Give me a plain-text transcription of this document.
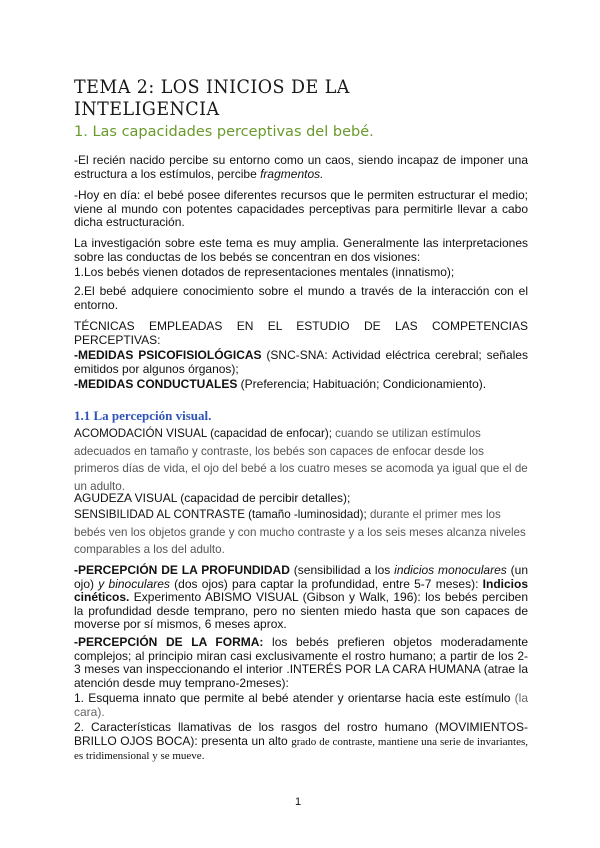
TEMA 2: LOS INICIOS DE LA INTELIGENCIA
1. Las capacidades perceptivas del bebé.
-El recién nacido percibe su entorno como un caos, siendo incapaz de imponer una estructura a los estímulos, percibe fragmentos.
-Hoy en día: el bebé posee diferentes recursos que le permiten estructurar el medio; viene al mundo con potentes capacidades perceptivas para permitirle llevar a cabo dicha estructuración.
La investigación sobre este tema es muy amplia. Generalmente las interpretaciones sobre las conductas de los bebés se concentran en dos visiones:
1.Los bebés vienen dotados de representaciones mentales (innatismo);
2.El bebé adquiere conocimiento sobre el mundo a través de la interacción con el entorno.
TÉCNICAS EMPLEADAS EN EL ESTUDIO DE LAS COMPETENCIAS PERCEPTIVAS:
-MEDIDAS PSICOFISIOLÓGICAS (SNC-SNA: Actividad eléctrica cerebral; señales emitidos por algunos órganos);
-MEDIDAS CONDUCTUALES (Preferencia; Habituación; Condicionamiento).
1.1 La percepción visual.
ACOMODACIÓN VISUAL (capacidad de enfocar); cuando se utilizan estímulos adecuados en tamaño y contraste, los bebés son capaces de enfocar desde los primeros días de vida, el ojo del bebé a los cuatro meses se acomoda ya igual que el de un adulto.
AGUDEZA VISUAL (capacidad de percibir detalles);
SENSIBILIDAD AL CONTRASTE (tamaño -luminosidad); durante el primer mes los bebés ven los objetos grande y con mucho contraste y a los seis meses alcanza niveles comparables a los del adulto.
-PERCEPCIÓN DE LA PROFUNDIDAD (sensibilidad a los indicios monoculares (un ojo) y binoculares (dos ojos) para captar la profundidad, entre 5-7 meses): Indicios cinéticos. Experimento ABISMO VISUAL (Gibson y Walk, 196): los bebés perciben la profundidad desde temprano, pero no sienten miedo hasta que son capaces de moverse por sí mismos, 6 meses aprox.
-PERCEPCIÓN DE LA FORMA: los bebés prefieren objetos moderadamente complejos; al principio miran casi exclusivamente el rostro humano; a partir de los 2-3 meses van inspeccionando el interior .INTERÉS POR LA CARA HUMANA (atrae la atención desde muy temprano-2meses):
1. Esquema innato que permite al bebé atender y orientarse hacia este estímulo (la cara).
2. Características llamativas de los rasgos del rostro humano (MOVIMIENTOS-BRILLO OJOS BOCA): presenta un alto grado de contraste, mantiene una serie de invariantes, es tridimensional y se mueve.
1
